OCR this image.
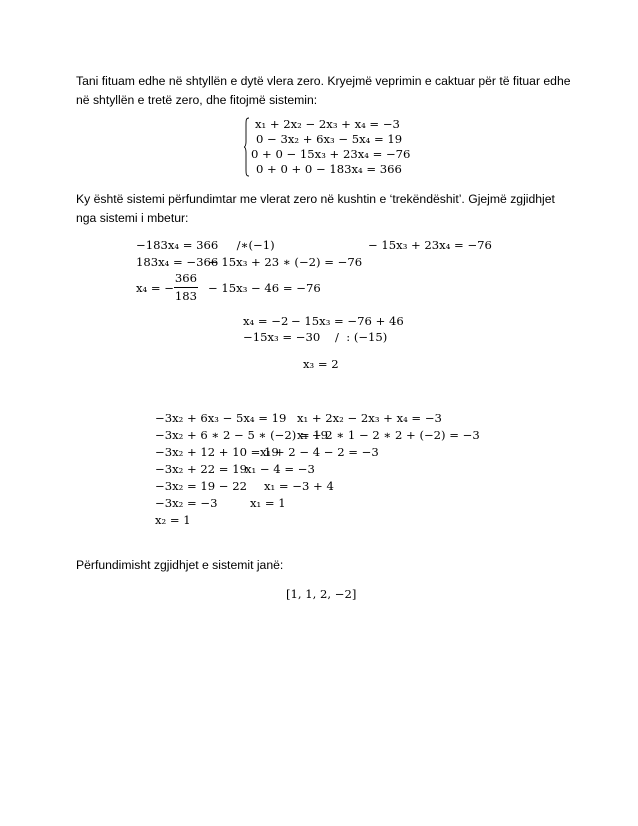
Tani fituam edhe në shtyllën e dytë vlera zero. Kryejmë veprimin e caktuar për të fituar edhe në shtyllën e tretë zero, dhe fitojmë sistemin:
x₁ + 2x₂ − 2x₃ + x₄ = −3
0 − 3x₂ + 6x₃ − 5x₄ = 19
0 + 0 − 15x₃ + 23x₄ = −76
0 + 0 + 0 − 183x₄ = 366
Ky është sistemi përfundimtar me vlerat zero në kushtin e ‘trekëndëshit’. Gjejmë zgjidhjet nga sistemi i mbetur:
−183x₄ = 366     /∗(−1)
183x₄ = −366
x₄ = −
366
183
− 15x₃ + 23x₄ = −76
− 15x₃ + 23 ∗ (−2) = −76
− 15x₃ − 46 = −76
x₄ = −2 − 15x₃ = −76 + 46
−15x₃ = −30    /  : (−15)
x₃ = 2
−3x₂ + 6x₃ − 5x₄ = 19
−3x₂ + 6 ∗ 2 − 5 ∗ (−2) = 19
−3x₂ + 12 + 10 = 19
−3x₂ + 22 = 19
−3x₂ = 19 − 22
−3x₂ = −3
x₂ = 1
x₁ + 2x₂ − 2x₃ + x₄ = −3
x₁ + 2 ∗ 1 − 2 ∗ 2 + (−2) = −3
x₁ + 2 − 4 − 2 = −3
x₁ − 4 = −3
x₁ = −3 + 4
x₁ = 1
Përfundimisht zgjidhjet e sistemit janë:
[1, 1, 2, −2]
